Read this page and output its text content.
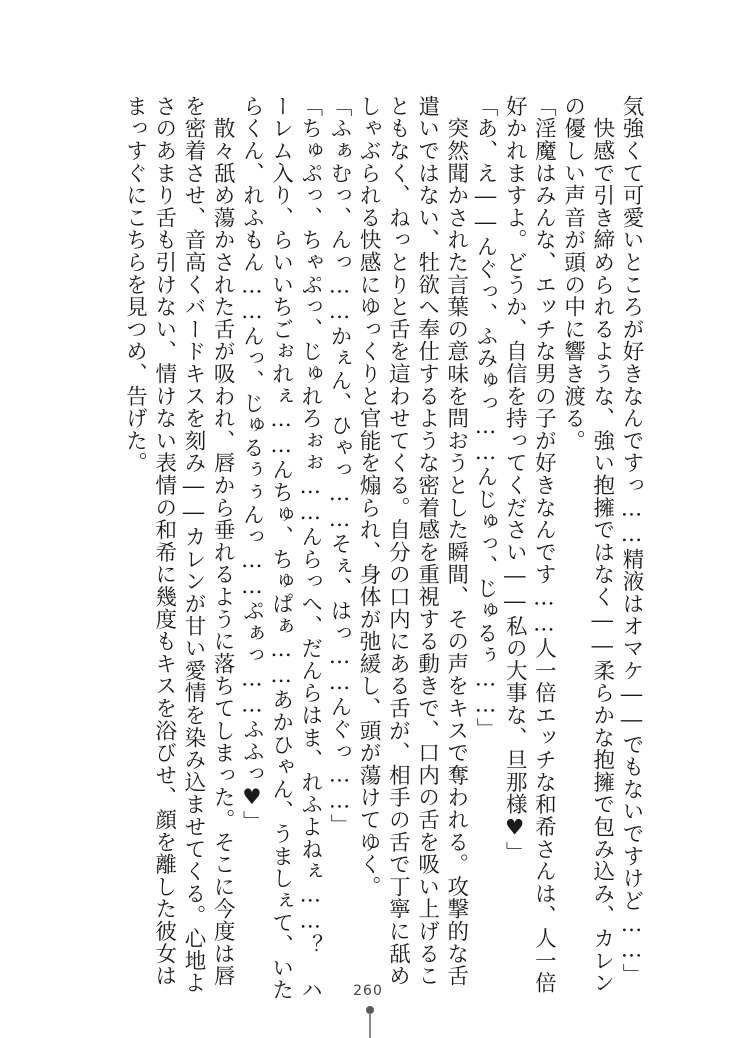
気強くて可愛いところが好きなんですっ……精液はオマケ――でもないですけど……」
　快感で引き締められるような、強い抱擁ではなく――柔らかな抱擁で包み込み、カレン
の優しい声音が頭の中に響き渡る。
「淫魔はみんな、エッチな男の子が好きなんです……人一倍エッチな和希さんは、人一倍
好かれますよ。どうか、自信を持ってください――私の大事な、旦那様♥」
「あ、え――んぐっ、ふみゅっ……んじゅっ、じゅるぅ……」
　突然聞かされた言葉の意味を問おうとした瞬間、その声をキスで奪われる。攻撃的な舌
遣いではない、牡欲へ奉仕するような密着感を重視する動きで、口内の舌を吸い上げるこ
ともなく、ねっとりと舌を這わせてくる。自分の口内にある舌が、相手の舌で丁寧に舐め
しゃぶられる快感にゆっくりと官能を煽られ、身体が弛緩し、頭が蕩けてゆく。
「ふぁむっ、んっ……かぇん、ひゃっ……そぇ、はっ……んぐっ……」
「ちゅぷっ、ちゃぷっ、じゅれろぉぉ……んらっへ、だんらはま、れふよねぇ……？　ハ
ーレム入り、らいいちごぉれぇ……んちゅ、ちゅぱぁ……あかひゃん、うましぇて、いた
らくん、れふもん……んっ、じゅるぅぅんっ……ぷぁっ……ふふっ♥」
　散々舐め蕩かされた舌が吸われ、唇から垂れるように落ちてしまった。そこに今度は唇
を密着させ、音高くバードキスを刻み――カレンが甘い愛情を染み込ませてくる。心地よ
さのあまり舌も引けない、情けない表情の和希に幾度もキスを浴びせ、顔を離した彼女は
まっすぐにこちらを見つめ、告げた。
260
